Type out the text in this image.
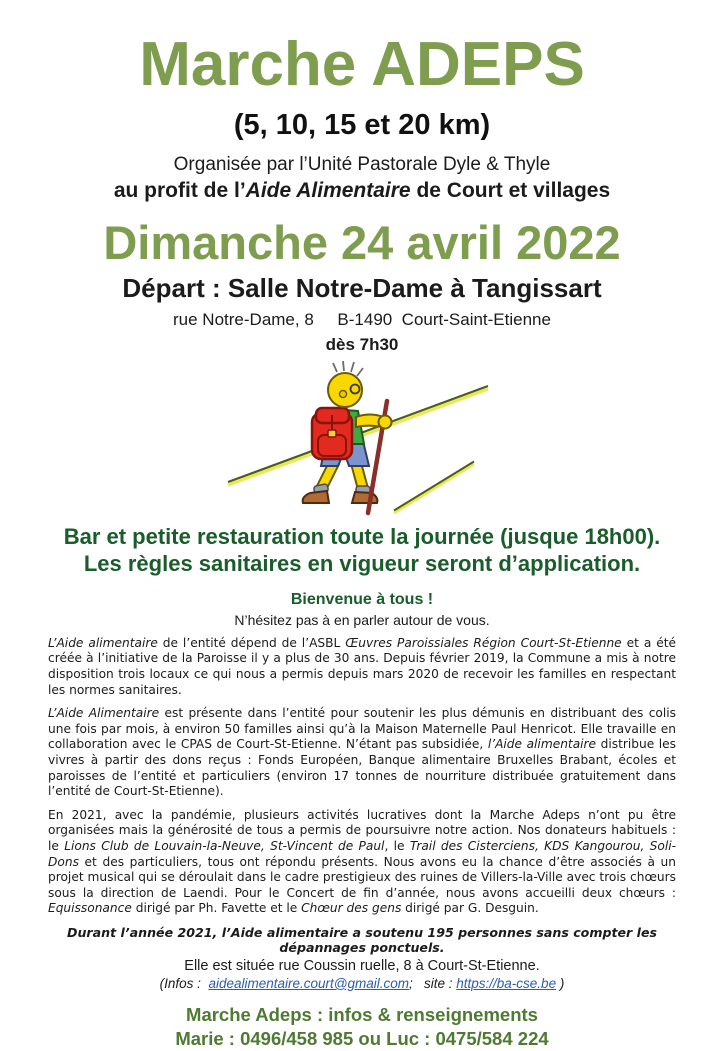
Marche ADEPS
(5, 10, 15 et 20 km)
Organisée par l’Unité Pastorale Dyle & Thyle
au profit de l’Aide Alimentaire de Court et villages
Dimanche 24 avril 2022
Départ : Salle Notre-Dame à Tangissart
rue Notre-Dame, 8     B-1490  Court-Saint-Etienne
dès 7h30
Bar et petite restauration toute la journée (jusque 18h00).
Les règles sanitaires en vigueur seront d’application.
Bienvenue à tous !
N’hésitez pas à en parler autour de vous.

L’Aide alimentaire de l’entité dépend de l’ASBL Œuvres Paroissiales Région Court-St-Etienne et a été créée à l’initiative de la Paroisse il y a plus de 30 ans. Depuis février 2019, la Commune a mis à notre disposition trois locaux ce qui nous a permis depuis mars 2020 de recevoir les familles en respectant les normes sanitaires.

L’Aide Alimentaire est présente dans l’entité pour soutenir les plus démunis en distribuant des colis une fois par mois, à environ 50 familles ainsi qu’à la Maison Maternelle Paul Henricot. Elle travaille en collaboration avec le CPAS de Court-St-Etienne. N’étant pas subsidiée, l’Aide alimentaire distribue les vivres à partir des dons reçus : Fonds Européen, Banque alimentaire Bruxelles Brabant, écoles et paroisses de l’entité et particuliers (environ 17 tonnes de nourriture distribuée gratuitement dans l’entité de Court-St-Etienne).

En 2021, avec la pandémie, plusieurs activités lucratives dont la Marche Adeps n’ont pu être organisées mais la générosité de tous a permis de poursuivre notre action. Nos donateurs habituels : le Lions Club de Louvain-la-Neuve, St-Vincent de Paul, le Trail des Cisterciens, KDS Kangourou, Soli-Dons et des particuliers, tous ont répondu présents. Nous avons eu la chance d’être associés à un projet musical qui se déroulait dans le cadre prestigieux des ruines de Villers-la-Ville avec trois chœurs sous la direction de Laendi. Pour le Concert de fin d’année, nous avons accueilli deux chœurs : Equissonance dirigé par Ph. Favette et le Chœur des gens dirigé par G. Desguin.

Durant l’année 2021, l’Aide alimentaire a soutenu 195 personnes sans compter les dépannages ponctuels.
Elle est située rue Coussin ruelle, 8 à Court-St-Etienne.
(Infos :  aidealimentaire.court@gmail.com;   site : https://ba-cse.be )
Marche Adeps : infos & renseignements
Marie : 0496/458 985 ou Luc : 0475/584 224
